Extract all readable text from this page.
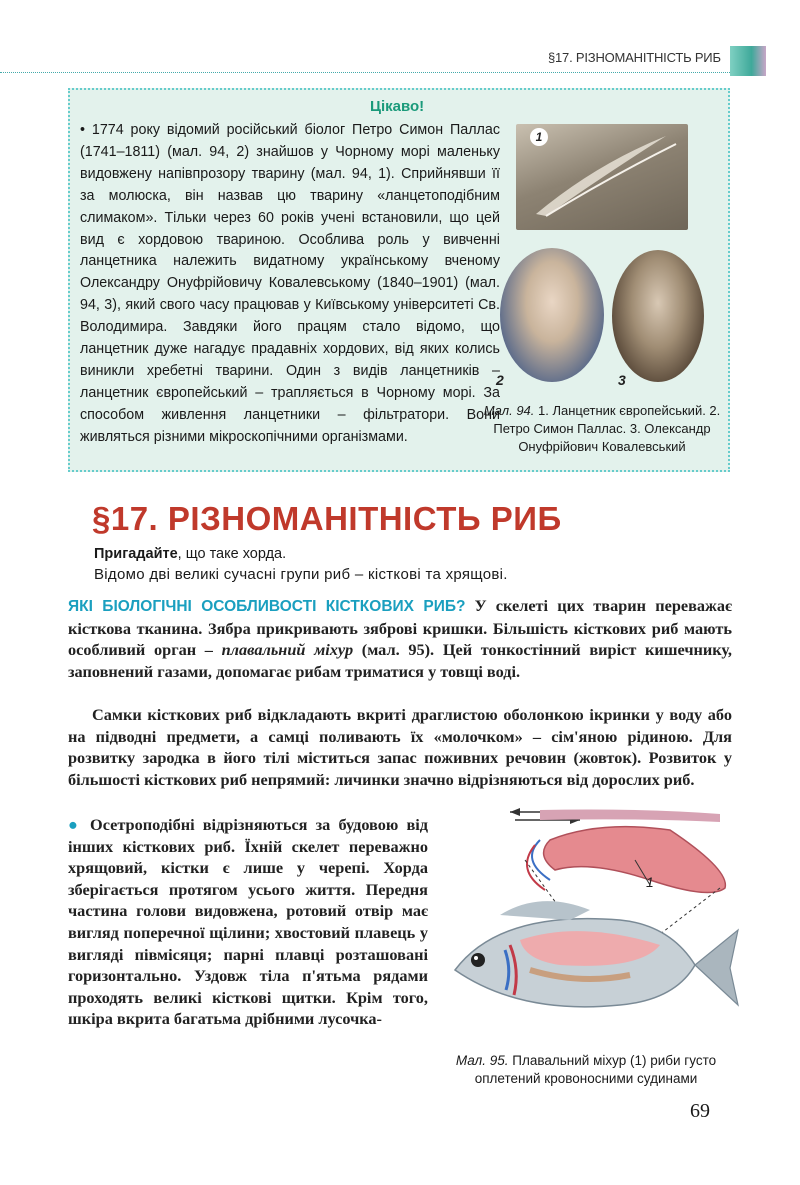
§17. РІЗНОМАНІТНІСТЬ РИБ
Цікаво!

• 1774 року відомий російський біолог Петро Симон Паллас (1741–1811) (мал. 94, 2) знайшов у Чорному морі маленьку видовжену напівпрозору тварину (мал. 94, 1). Сприйнявши її за молюска, він назвав цю тварину «ланцетоподібним слимаком». Тільки через 60 років учені встановили, що цей вид є хордовою твариною. Особлива роль у вивченні ланцетника належить видатному українському вченому Олександру Онуфрійовичу Ковалевському (1840–1901) (мал. 94, 3), який свого часу працював у Київському університеті Св. Володимира. Завдяки його працям стало відомо, що ланцетник дуже нагадує прадавніх хордових, від яких колись виникли хребетні тварини. Один з видів ланцетників – ланцетник європейський – трапляється в Чорному морі. За способом живлення ланцетники – фільтратори. Вони живляться різними мікроскопічними організмами.

1
2	3

Мал. 94. 1. Ланцетник європейський. 2. Петро Симон Паллас. 3. Олександр Онуфрійович Ковалевський

§17. РІЗНОМАНІТНІСТЬ РИБ
Пригадайте, що таке хорда.
Відомо дві великі сучасні групи риб – кісткові та хрящові.

ЯКІ БІОЛОГІЧНІ ОСОБЛИВОСТІ КІСТКОВИХ РИБ? У скелеті цих тварин переважає кісткова тканина. Зябра прикривають зяброві кришки. Більшість кісткових риб мають особливий орган – плавальний міхур (мал. 95). Цей тонкостінний виріст кишечнику, заповнений газами, допомагає рибам триматися у товщі воді.

Самки кісткових риб відкладають вкриті драглистою оболонкою ікринки у воду або на підводні предмети, а самці поливають їх «молочком» – сім'яною рідиною. Для розвитку зародка в його тілі міститься запас поживних речовин (жовток). Розвиток у більшості кісткових риб непрямий: личинки значно відрізняються від дорослих риб.

● Осетроподібні відрізняються за будовою від інших кісткових риб. Їхній скелет переважно хрящовий, кістки є лише у черепі. Хорда зберігається протягом усього життя. Передня частина голови видовжена, ротовий отвір має вигляд поперечної щілини; хвостовий плавець у вигляді півмісяця; парні плавці розташовані горизонтально. Уздовж тіла п'ятьма рядами проходять великі кісткові щитки. Крім того, шкіра вкрита багатьма дрібними лусочка-

1

Мал. 95. Плавальний міхур (1) риби густо оплетений кровоносними судинами

69
